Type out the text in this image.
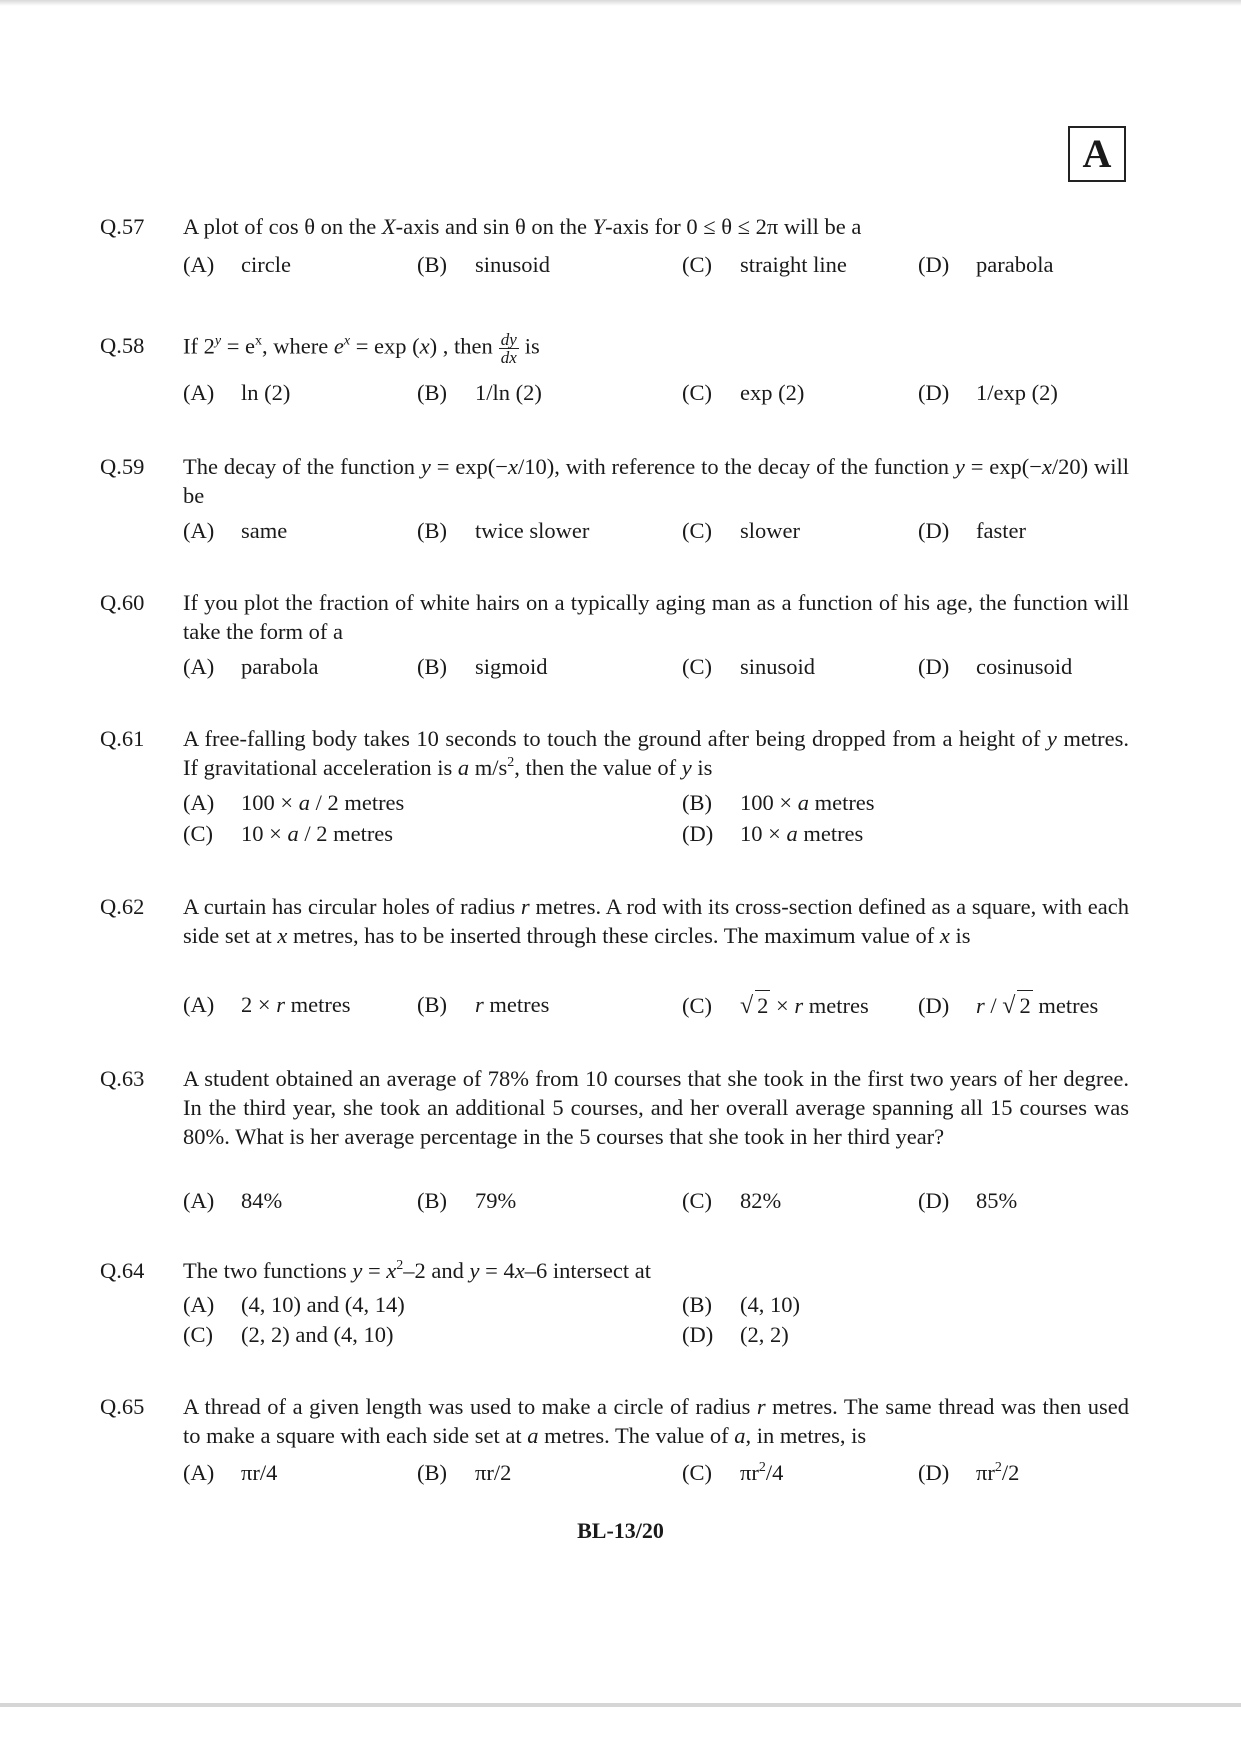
A
Q.57 A plot of cos θ on the X-axis and sin θ on the Y-axis for 0 ≤ θ ≤ 2π will be a
(A) circle	(B) sinusoid	(C) straight line	(D) parabola
Q.58 If $2^y = e^x$, where $e^x = \exp (x)$ , then $\frac{dy}{dx}$ is
(A) ln (2)	(B) 1/ln (2)	(C) exp (2)	(D) 1/exp (2)
Q.59 The decay of the function y = exp(−x/10), with reference to the decay of the function y = exp(−x/20) will be
(A) same	(B) twice slower	(C) slower	(D) faster
Q.60 If you plot the fraction of white hairs on a typically aging man as a function of his age, the function will take the form of a
(A) parabola	(B) sigmoid	(C) sinusoid	(D) cosinusoid
Q.61 A free-falling body takes 10 seconds to touch the ground after being dropped from a height of y metres. If gravitational acceleration is a $m/s^2$, then the value of y is
(A) 100 × a / 2 metres	(B) 100 × a metres
(C) 10 × a / 2 metres	(D) 10 × a metres
Q.62 A curtain has circular holes of radius r metres. A rod with its cross-section defined as a square, with each side set at x metres, has to be inserted through these circles. The maximum value of x is
(A) 2 × r metres	(B) r metres	(C) √ 2 × r metres (D) r / √ 2 metres
Q.63 A student obtained an average of 78% from 10 courses that she took in the first two years of her degree. In the third year, she took an additional 5 courses, and her overall average spanning all 15 courses was 80%. What is her average percentage in the 5 courses that she took in her third year?
(A) 84%	(B) 79%	(C) 82%	(D) 85%
Q.64 The two functions $y = x^2-2$ and y = 4x–6 intersect at
(A) (4, 10) and (4, 14)	(B) (4, 10)
(C) (2, 2) and (4, 10)	(D) (2, 2)
Q.65 A thread of a given length was used to make a circle of radius r metres. The same thread was then used to make a square with each side set at a metres. The value of a, in metres, is
(A) πr/4	(B) πr/2	(C) $\pi r^2/4$	(D) $\pi r^2/2$
BL-13/20
